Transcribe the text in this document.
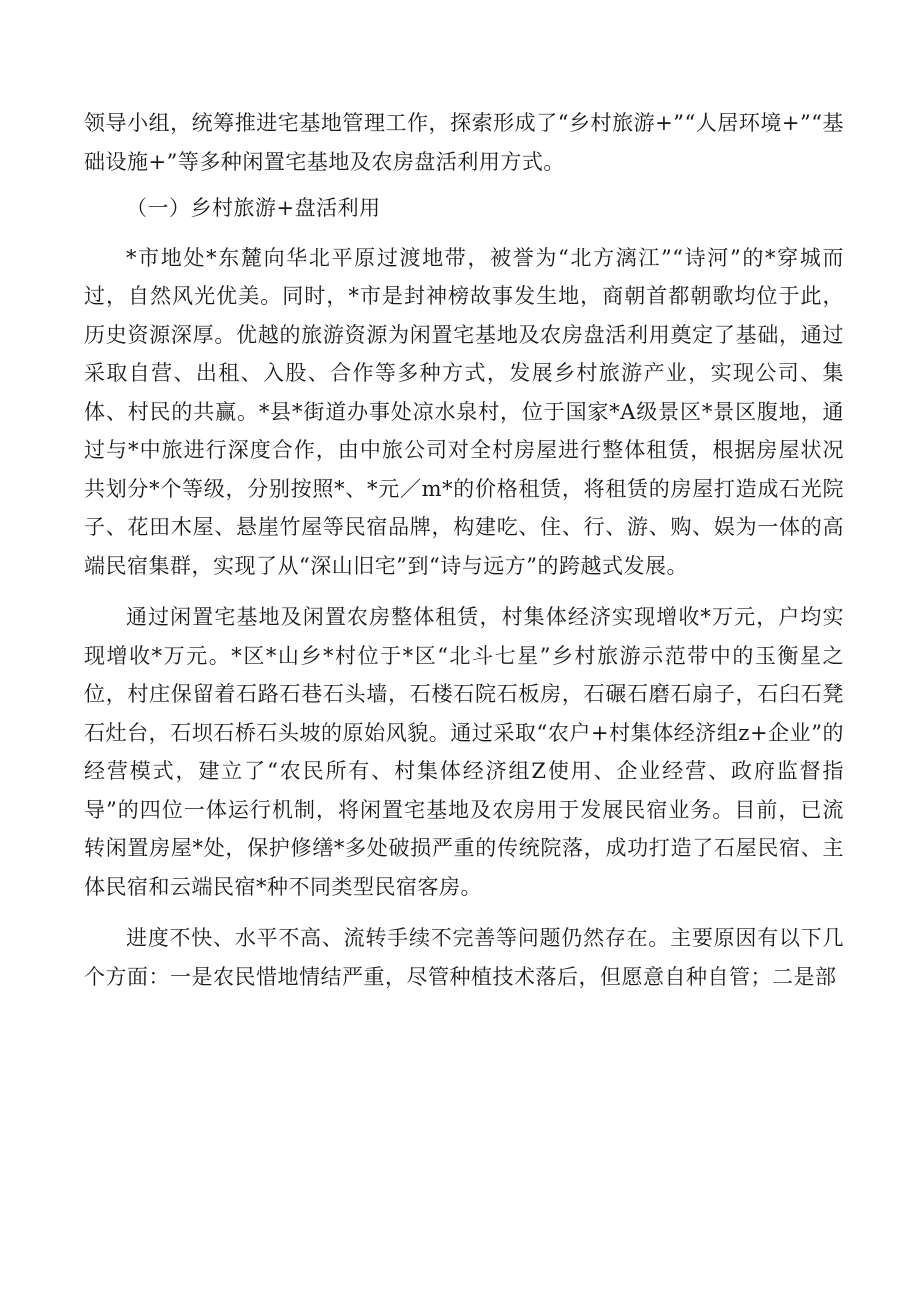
领导小组，统筹推进宅基地管理工作，探索形成了“乡村旅游+”“人居环境+”“基础设施+”等多种闲置宅基地及农房盘活利用方式。

（一）乡村旅游+盘活利用

*市地处*东麓向华北平原过渡地带，被誉为“北方漓江”“诗河”的*穿城而过，自然风光优美。同时，*市是封神榜故事发生地，商朝首都朝歌均位于此，历史资源深厚。优越的旅游资源为闲置宅基地及农房盘活利用奠定了基础，通过采取自营、出租、入股、合作等多种方式，发展乡村旅游产业，实现公司、集体、村民的共赢。*县*街道办事处凉水泉村，位于国家*A级景区*景区腹地，通过与*中旅进行深度合作，由中旅公司对全村房屋进行整体租赁，根据房屋状况共划分*个等级，分别按照*、*元／m*的价格租赁，将租赁的房屋打造成石光院子、花田木屋、悬崖竹屋等民宿品牌，构建吃、住、行、游、购、娱为一体的高端民宿集群，实现了从“深山旧宅”到“诗与远方”的跨越式发展。

通过闲置宅基地及闲置农房整体租赁，村集体经济实现增收*万元，户均实现增收*万元。*区*山乡*村位于*区“北斗七星”乡村旅游示范带中的玉衡星之位，村庄保留着石路石巷石头墙，石楼石院石板房，石碾石磨石扇子，石臼石凳石灶台，石坝石桥石头坡的原始风貌。通过采取“农户+村集体经济组z+企业”的经营模式，建立了“农民所有、村集体经济组Z使用、企业经营、政府监督指导”的四位一体运行机制，将闲置宅基地及农房用于发展民宿业务。目前，已流转闲置房屋*处，保护修缮*多处破损严重的传统院落，成功打造了石屋民宿、主体民宿和云端民宿*种不同类型民宿客房。

进度不快、水平不高、流转手续不完善等问题仍然存在。主要原因有以下几个方面：一是农民惜地情结严重，尽管种植技术落后，但愿意自种自管；二是部
